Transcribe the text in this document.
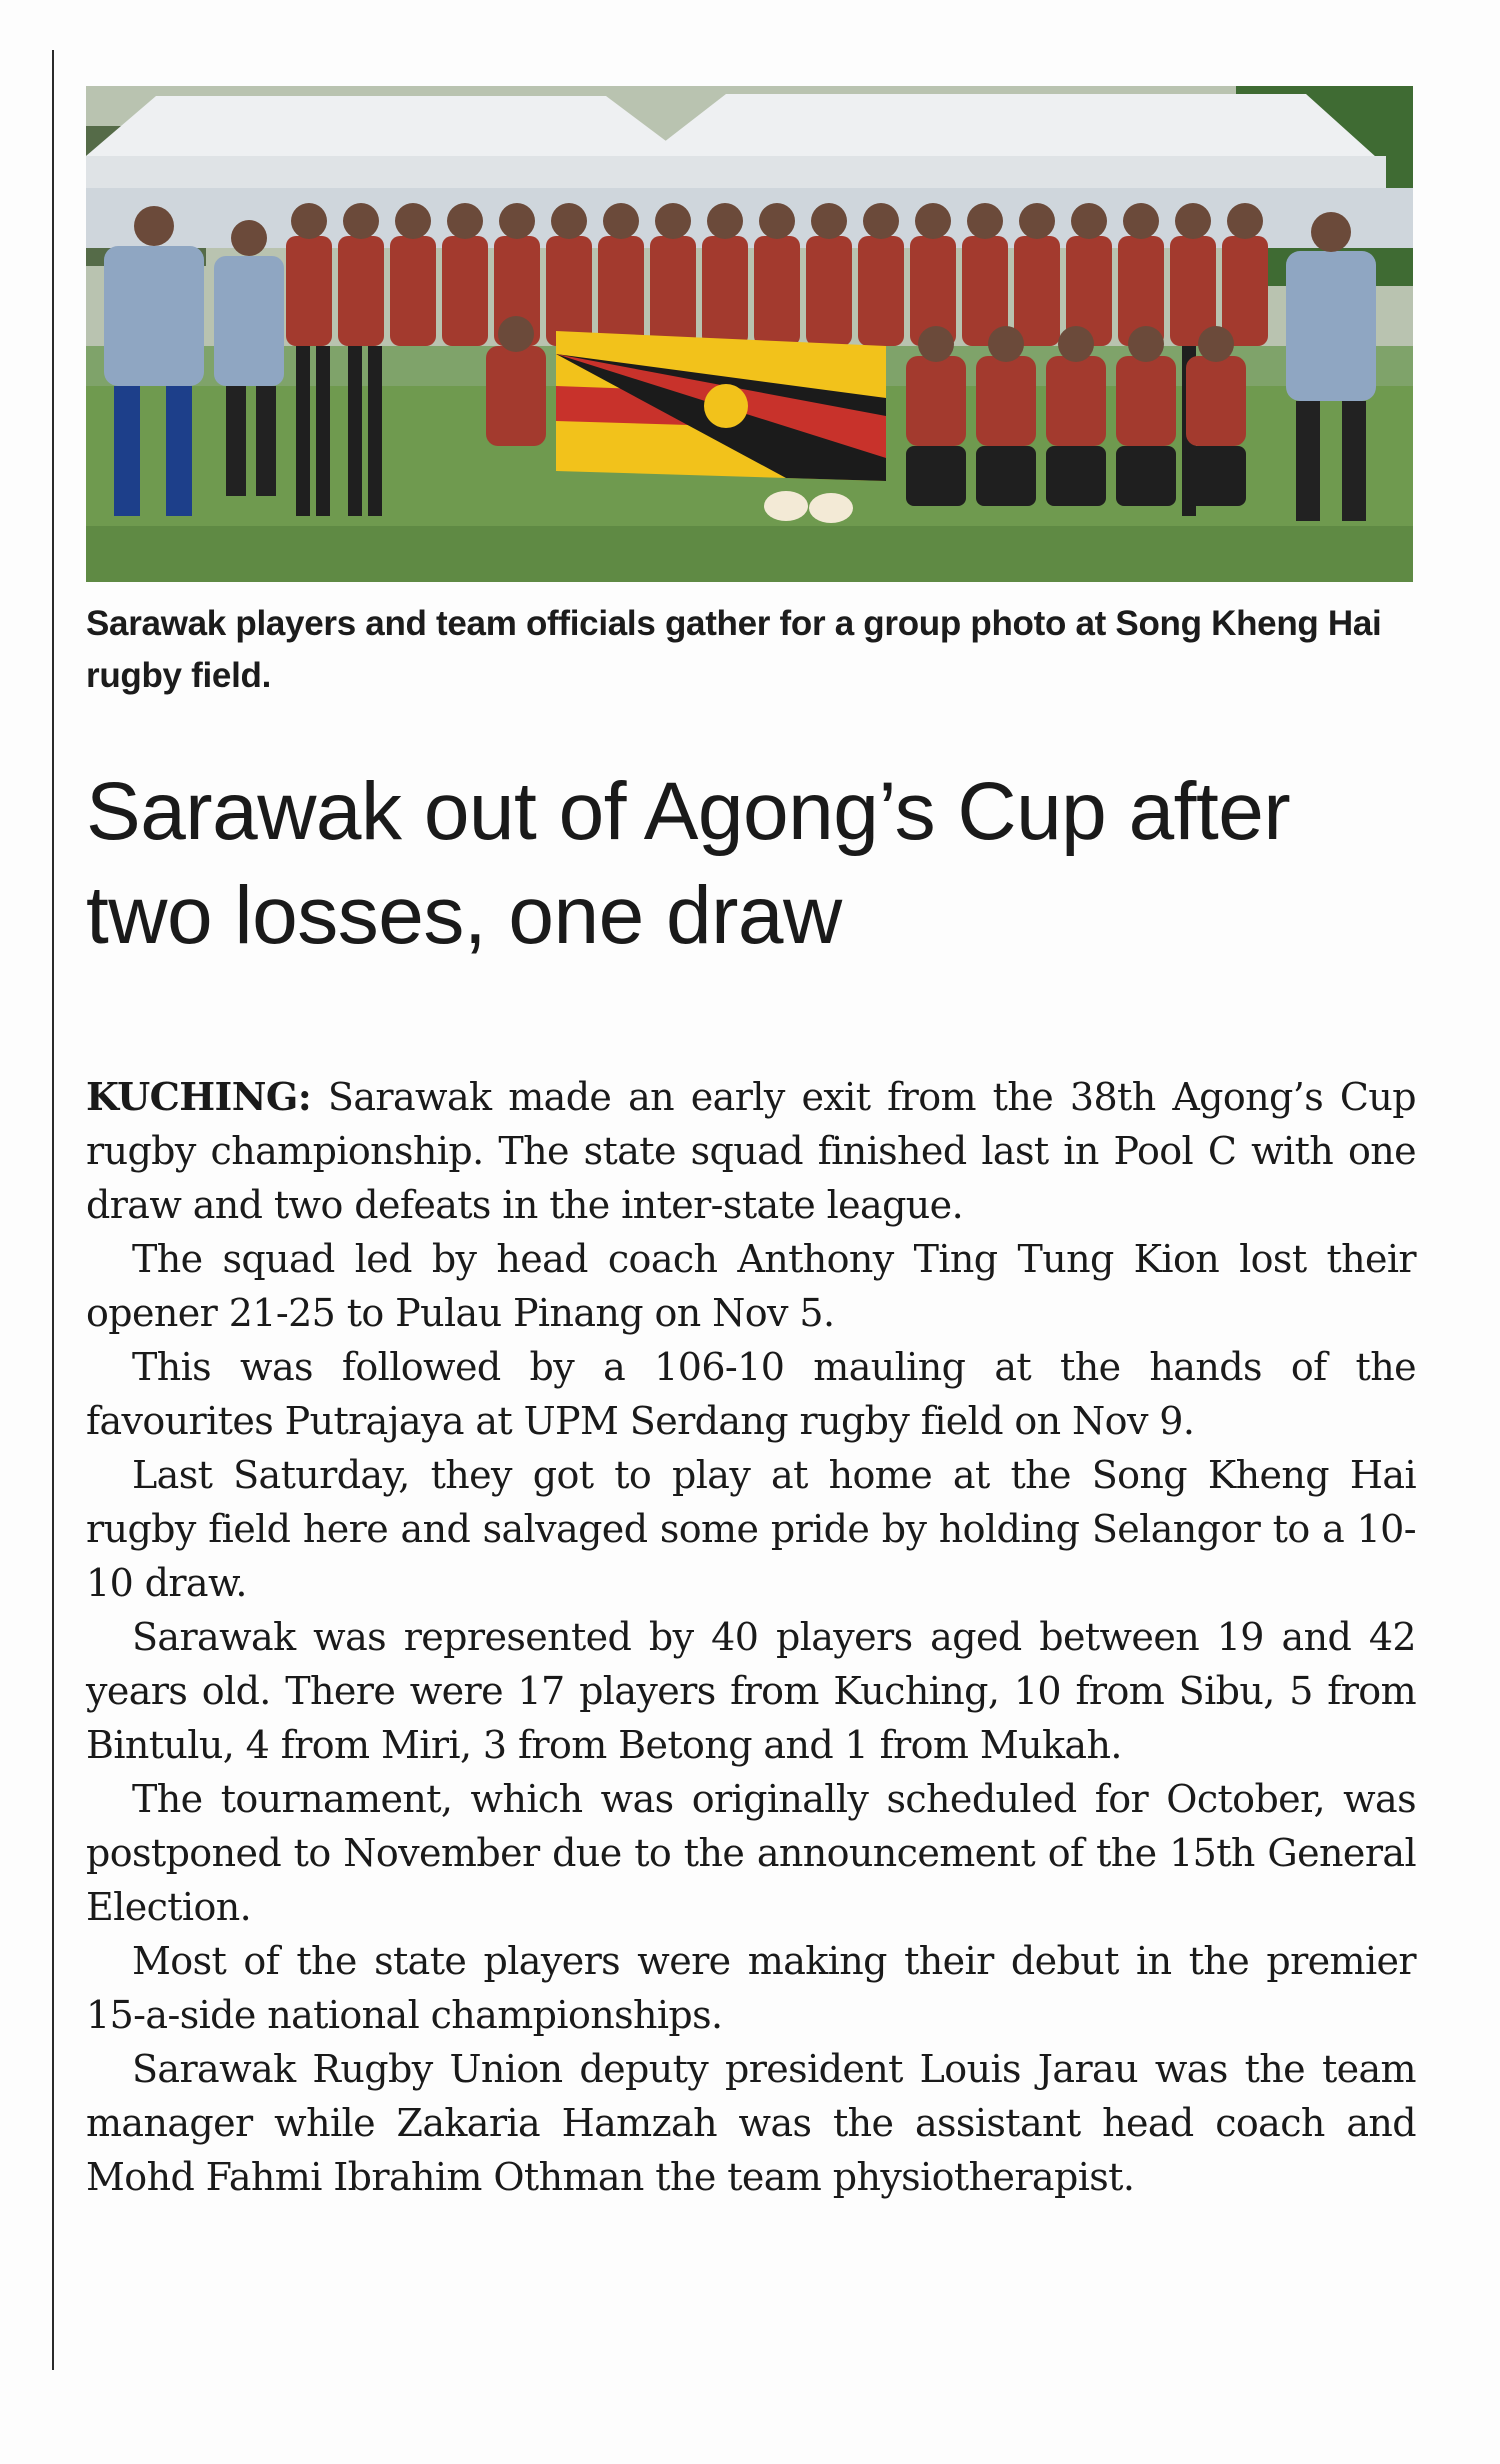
Sarawak players and team officials gather for a group photo at Song Kheng Hai rugby field.
Sarawak out of Agong’s Cup after two losses, one draw

KUCHING: Sarawak made an early exit from the 38th Agong’s Cup rugby championship. The state squad finished last in Pool C with one draw and two defeats in the inter-state league.

The squad led by head coach Anthony Ting Tung Kion lost their opener 21-25 to Pulau Pinang on Nov 5.

This was followed by a 106-10 mauling at the hands of the favourites Putrajaya at UPM Serdang rugby field on Nov 9.

Last Saturday, they got to play at home at the Song Kheng Hai rugby field here and salvaged some pride by holding Selangor to a 10-10 draw.

Sarawak was represented by 40 players aged between 19 and 42 years old. There were 17 players from Kuching, 10 from Sibu, 5 from Bintulu, 4 from Miri, 3 from Betong and 1 from Mukah.

The tournament, which was originally scheduled for October, was postponed to November due to the announcement of the 15th General Election.

Most of the state players were making their debut in the premier 15-a-side national championships.

Sarawak Rugby Union deputy president Louis Jarau was the team manager while Zakaria Hamzah was the assistant head coach and Mohd Fahmi Ibrahim Othman the team physiotherapist.
